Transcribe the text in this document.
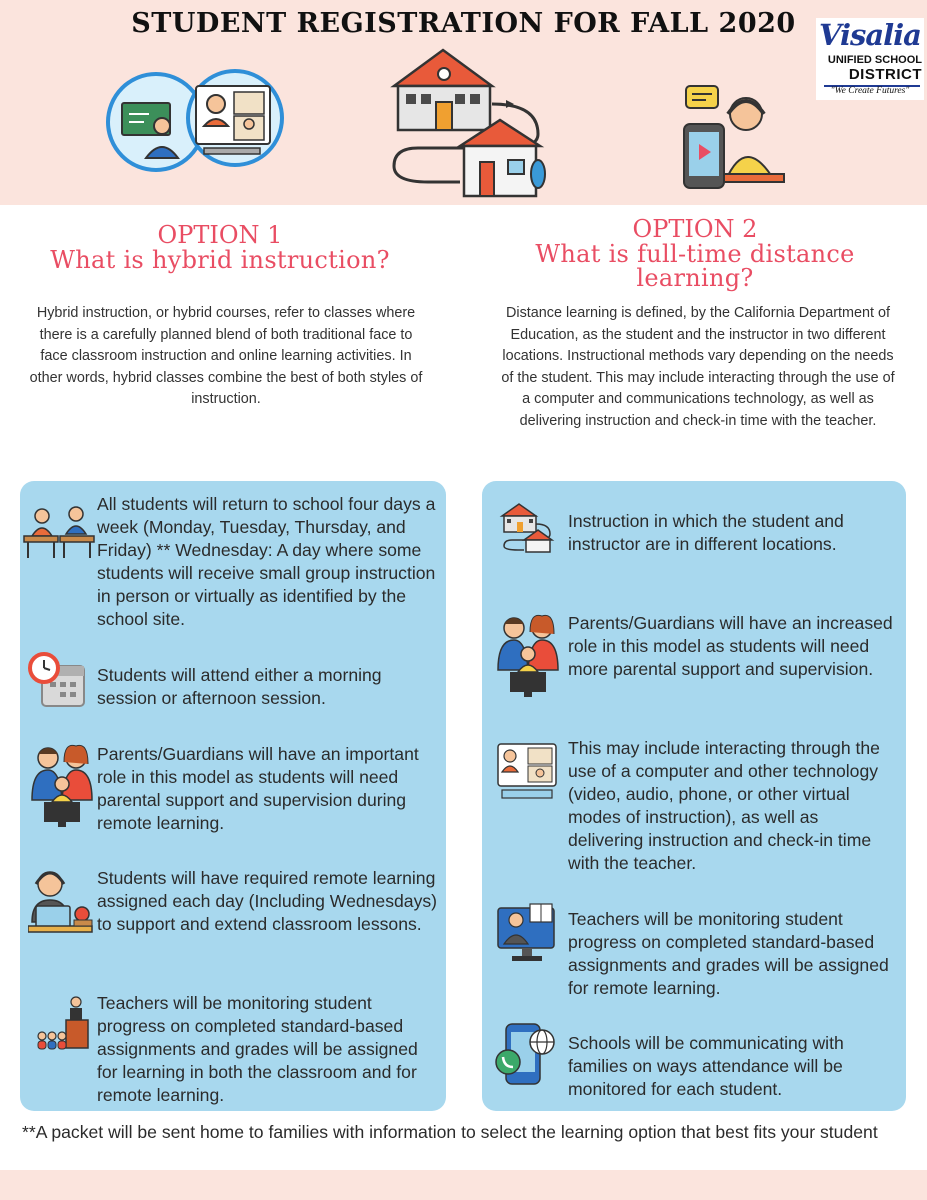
STUDENT REGISTRATION FOR FALL 2020 Visalia
UNIFIED SCHOOL
DISTRICT
"We Create Futures"
OPTION 1
What is hybrid instruction?
OPTION 2
What is full-time distance learning?
Hybrid instruction, or hybrid courses, refer to classes where there is a carefully planned blend of both traditional face to face classroom instruction and online learning activities. In other words, hybrid classes combine the best of both styles of instruction.
Distance learning is defined, by the California Department of Education, as the student and the instructor in two different locations. Instructional methods vary depending on the needs of the student. This may include interacting through the use of a computer and communications technology, as well as delivering instruction and check-in time with the teacher.
All students will return to school four days a week (Monday, Tuesday, Thursday, and Friday) ** Wednesday: A day where some students will receive small group instruction in person or virtually as identified by the school site.
Students will attend either a morning session or afternoon session.
Parents/Guardians will have an important role in this model as students will need parental support and supervision during remote learning.
Students will have required remote learning assigned each day (Including Wednesdays) to support and extend classroom lessons.
Teachers will be monitoring student progress on completed standard-based assignments and grades will be assigned for learning in both the classroom and for remote learning.
Instruction in which the student and instructor are in different locations.
Parents/Guardians will have an increased role in this model as students will need more parental support and supervision.
This may include interacting through the use of a computer and other technology (video, audio, phone, or other virtual modes of instruction), as well as delivering instruction and check-in time with the teacher.
Teachers will be monitoring student progress on completed standard-based assignments and grades will be assigned for remote learning.
Schools will be communicating with families on ways attendance will be monitored for each student.
**A packet will be sent home to families with information to select the learning option that best fits your student
